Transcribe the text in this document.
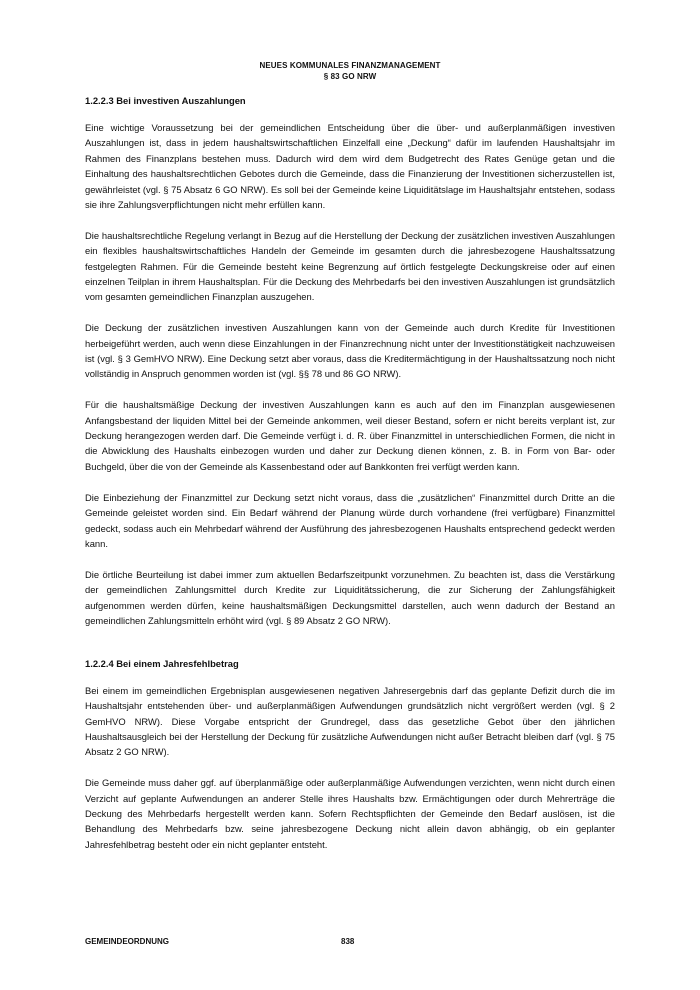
NEUES KOMMUNALES FINANZMANAGEMENT
§ 83 GO NRW
1.2.2.3 Bei investiven Auszahlungen

Eine wichtige Voraussetzung bei der gemeindlichen Entscheidung über die über- und außerplanmäßigen investiven Auszahlungen ist, dass in jedem haushaltswirtschaftlichen Einzelfall eine „Deckung“ dafür im laufenden Haushaltsjahr im Rahmen des Finanzplans bestehen muss. Dadurch wird dem wird dem Budgetrecht des Rates Genüge getan und die Einhaltung des haushaltsrechtlichen Gebotes durch die Gemeinde, dass die Finanzierung der Investitionen sicherzustellen ist, gewährleistet (vgl. § 75 Absatz 6 GO NRW). Es soll bei der Gemeinde keine Liquiditätslage im Haushaltsjahr entstehen, sodass sie ihre Zahlungsverpflichtungen nicht mehr erfüllen kann.

Die haushaltsrechtliche Regelung verlangt in Bezug auf die Herstellung der Deckung der zusätzlichen investiven Auszahlungen ein flexibles haushaltswirtschaftliches Handeln der Gemeinde im gesamten durch die jahresbezogene Haushaltssatzung festgelegten Rahmen. Für die Gemeinde besteht keine Begrenzung auf örtlich festgelegte Deckungskreise oder auf einen einzelnen Teilplan in ihrem Haushaltsplan. Für die Deckung des Mehrbedarfs bei den investiven Auszahlungen ist grundsätzlich vom gesamten gemeindlichen Finanzplan auszugehen.

Die Deckung der zusätzlichen investiven Auszahlungen kann von der Gemeinde auch durch Kredite für Investitionen herbeigeführt werden, auch wenn diese Einzahlungen in der Finanzrechnung nicht unter der Investitionstätigkeit nachzuweisen ist (vgl. § 3 GemHVO NRW). Eine Deckung setzt aber voraus, dass die Kreditermächtigung in der Haushaltssatzung noch nicht vollständig in Anspruch genommen worden ist (vgl. §§ 78 und 86 GO NRW).

Für die haushaltsmäßige Deckung der investiven Auszahlungen kann es auch auf den im Finanzplan ausgewiesenen Anfangsbestand der liquiden Mittel bei der Gemeinde ankommen, weil dieser Bestand, sofern er nicht bereits verplant ist, zur Deckung herangezogen werden darf. Die Gemeinde verfügt i. d. R. über Finanzmittel in unterschiedlichen Formen, die nicht in die Abwicklung des Haushalts einbezogen wurden und daher zur Deckung dienen können, z. B. in Form von Bar- oder Buchgeld, über die von der Gemeinde als Kassenbestand oder auf Bankkonten frei verfügt werden kann.

Die Einbeziehung der Finanzmittel zur Deckung setzt nicht voraus, dass die „zusätzlichen“ Finanzmittel durch Dritte an die Gemeinde geleistet worden sind. Ein Bedarf während der Planung würde durch vorhandene (frei verfügbare) Finanzmittel gedeckt, sodass auch ein Mehrbedarf während der Ausführung des jahresbezogenen Haushalts entsprechend gedeckt werden kann.

Die örtliche Beurteilung ist dabei immer zum aktuellen Bedarfszeitpunkt vorzunehmen. Zu beachten ist, dass die Verstärkung der gemeindlichen Zahlungsmittel durch Kredite zur Liquiditätssicherung, die zur Sicherung der Zahlungsfähigkeit aufgenommen werden dürfen, keine haushaltsmäßigen Deckungsmittel darstellen, auch wenn dadurch der Bestand an gemeindlichen Zahlungsmitteln erhöht wird (vgl. § 89 Absatz 2 GO NRW).

1.2.2.4 Bei einem Jahresfehlbetrag

Bei einem im gemeindlichen Ergebnisplan ausgewiesenen negativen Jahresergebnis darf das geplante Defizit durch die im Haushaltsjahr entstehenden über- und außerplanmäßigen Aufwendungen grundsätzlich nicht vergrößert werden (vgl. § 2 GemHVO NRW). Diese Vorgabe entspricht der Grundregel, dass das gesetzliche Gebot über den jährlichen Haushaltsausgleich bei der Herstellung der Deckung für zusätzliche Aufwendungen nicht außer Betracht bleiben darf (vgl. § 75 Absatz 2 GO NRW).

Die Gemeinde muss daher ggf. auf überplanmäßige oder außerplanmäßige Aufwendungen verzichten, wenn nicht durch einen Verzicht auf geplante Aufwendungen an anderer Stelle ihres Haushalts bzw. Ermächtigungen oder durch Mehrerträge die Deckung des Mehrbedarfs hergestellt werden kann. Sofern Rechtspflichten der Gemeinde den Bedarf auslösen, ist die Behandlung des Mehrbedarfs bzw. seine jahresbezogene Deckung nicht allein davon abhängig, ob ein geplanter Jahresfehlbetrag besteht oder ein nicht geplanter entsteht.

GEMEINDEORDNUNG	838
